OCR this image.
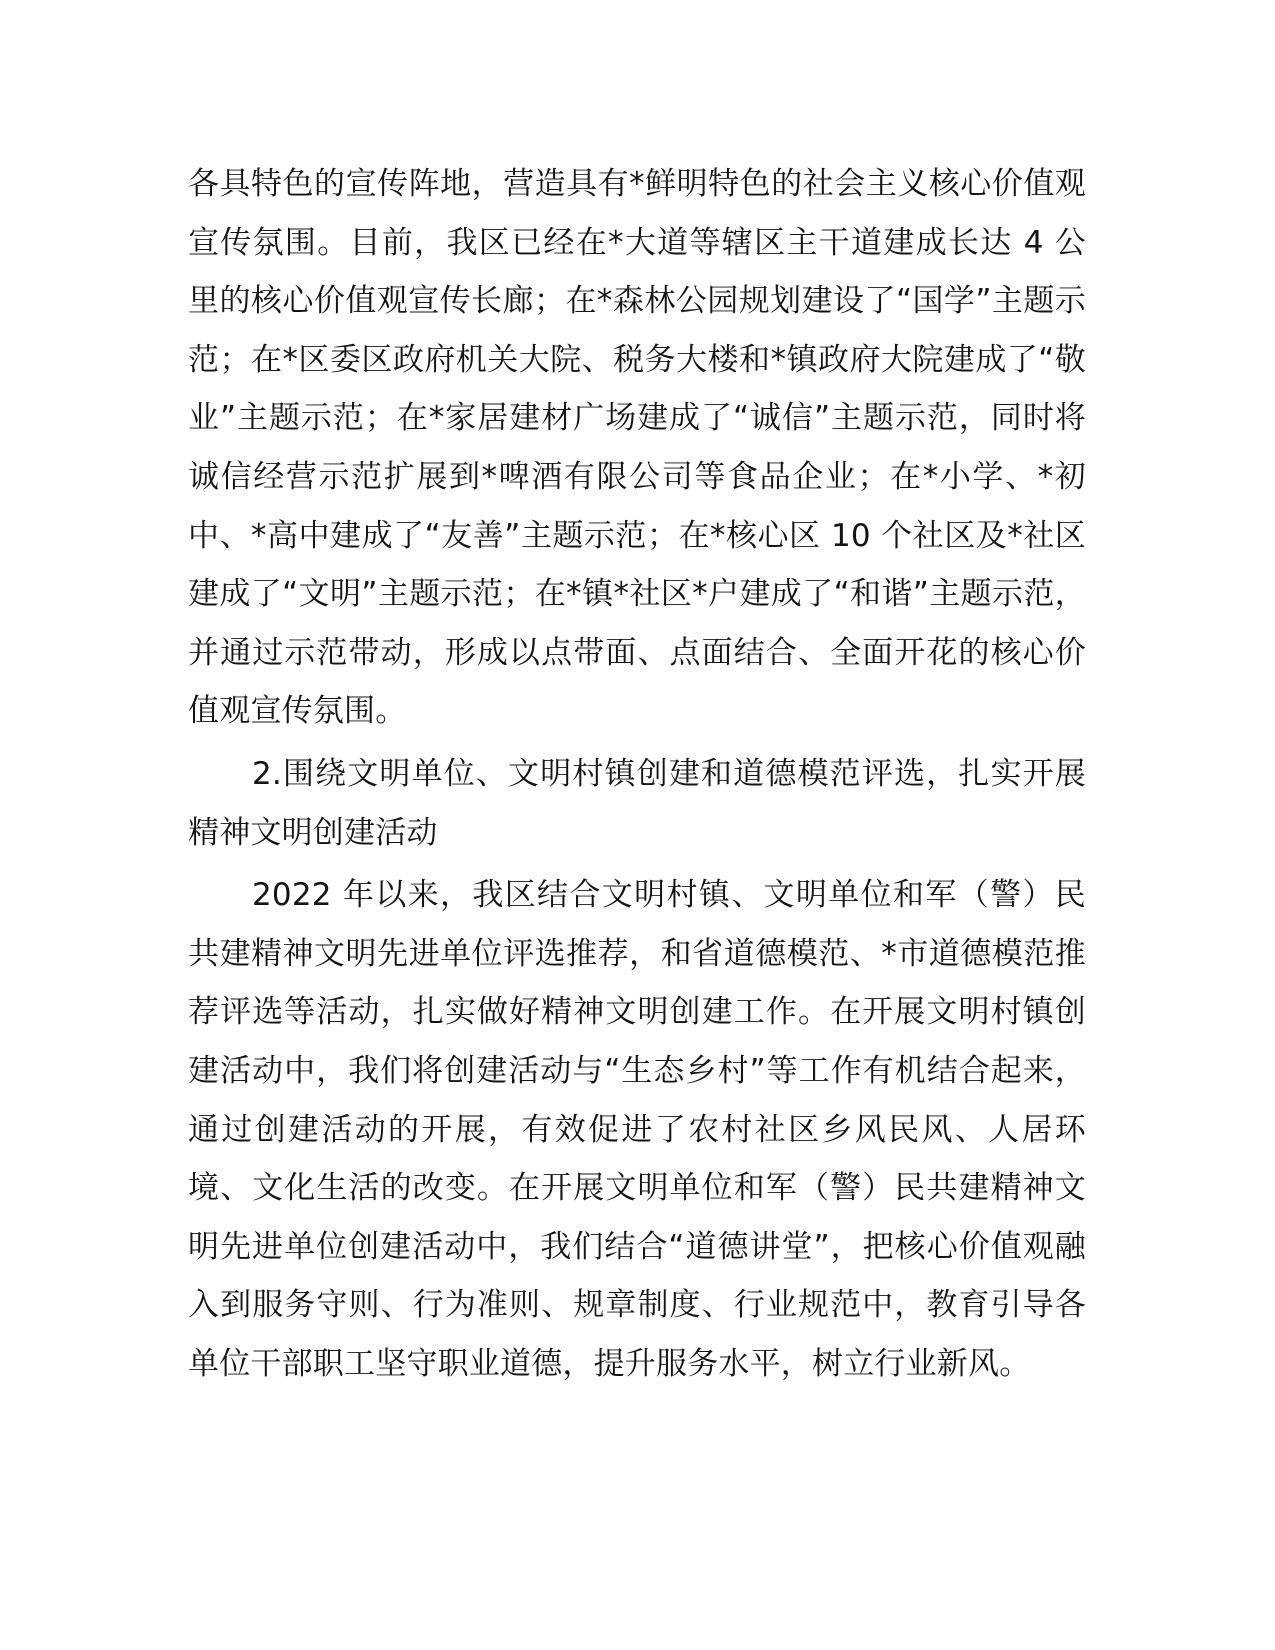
各具特色的宣传阵地，营造具有*鲜明特色的社会主义核心价值观宣传氛围。目前，我区已经在*大道等辖区主干道建成长达 4 公里的核心价值观宣传长廊；在*森林公园规划建设了“国学”主题示范；在*区委区政府机关大院、税务大楼和*镇政府大院建成了“敬业”主题示范；在*家居建材广场建成了“诚信”主题示范，同时将诚信经营示范扩展到*啤酒有限公司等食品企业；在*小学、*初中、*高中建成了“友善”主题示范；在*核心区 10 个社区及*社区建成了“文明”主题示范；在*镇*社区*户建成了“和谐”主题示范，并通过示范带动，形成以点带面、点面结合、全面开花的核心价值观宣传氛围。

2.围绕文明单位、文明村镇创建和道德模范评选，扎实开展精神文明创建活动

2022 年以来，我区结合文明村镇、文明单位和军（警）民共建精神文明先进单位评选推荐，和省道德模范、*市道德模范推荐评选等活动，扎实做好精神文明创建工作。在开展文明村镇创建活动中，我们将创建活动与“生态乡村”等工作有机结合起来，通过创建活动的开展，有效促进了农村社区乡风民风、人居环境、文化生活的改变。在开展文明单位和军（警）民共建精神文明先进单位创建活动中，我们结合“道德讲堂”，把核心价值观融入到服务守则、行为准则、规章制度、行业规范中，教育引导各单位干部职工坚守职业道德，提升服务水平，树立行业新风。
